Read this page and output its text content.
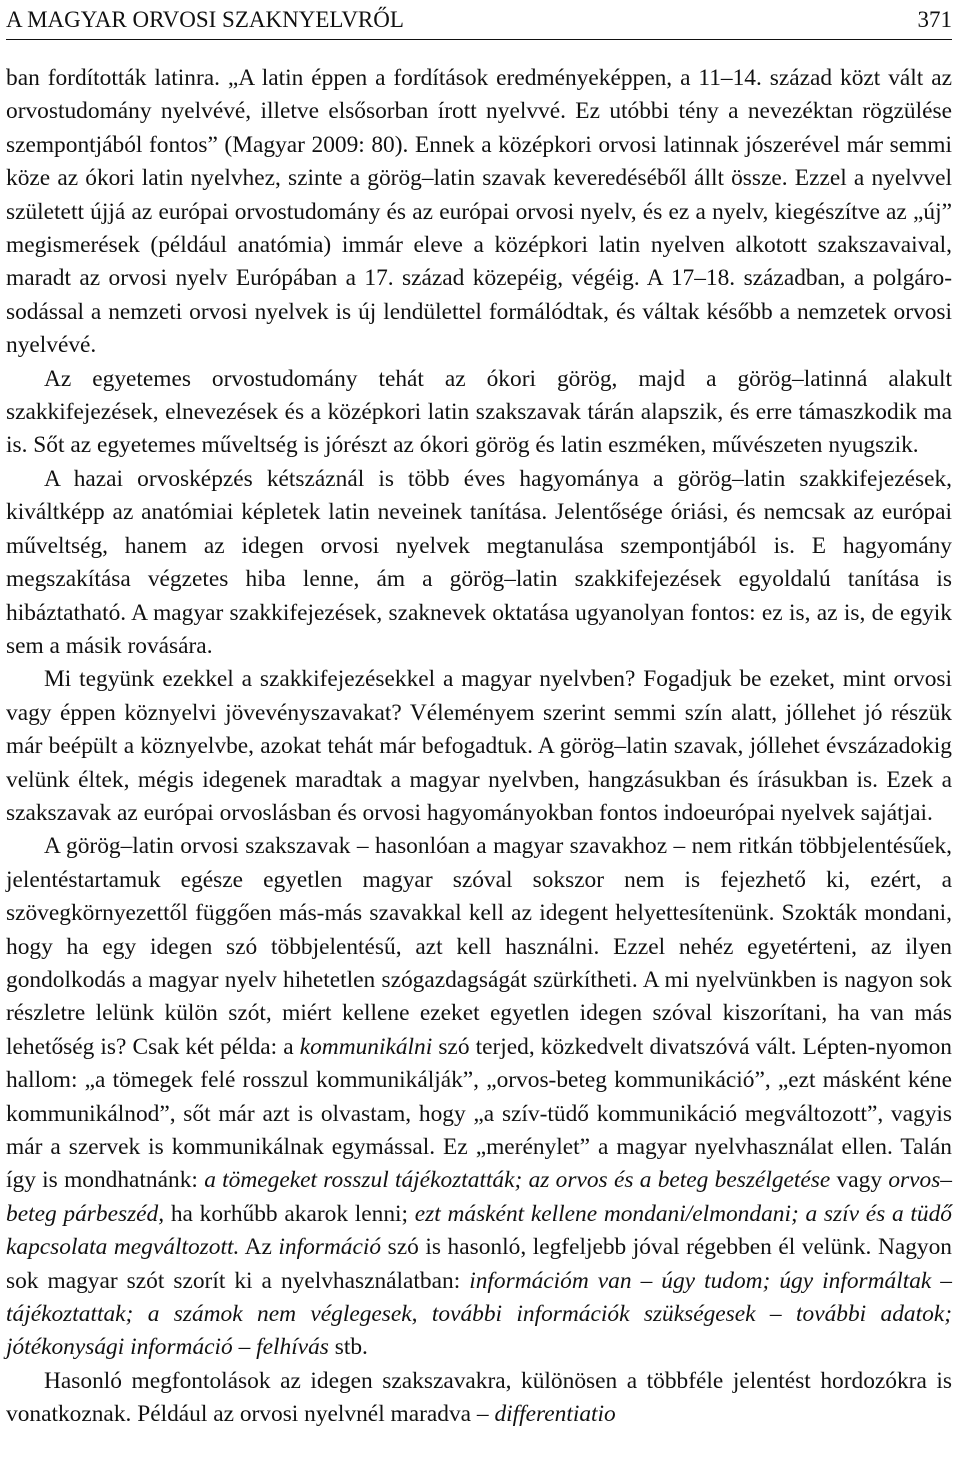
A MAGYAR ORVOSI SZAKNYELVRŐL	371

ban fordították latinra. „A latin éppen a fordítások eredményeképpen, a 11–14. század közt vált az orvostudomány nyelvévé, illetve elsősorban írott nyelvvé. Ez utóbbi tény a nevezéktan rögzülése szempontjából fontos” (Magyar 2009: 80). Ennek a középkori orvosi latinnak jószerével már semmi köze az ókori latin nyelvhez, szinte a görög–latin szavak keveredéséből állt össze. Ezzel a nyelvvel született újjá az európai orvostudomány és az európai orvosi nyelv, és ez a nyelv, kiegészítve az „új” megismerések (például anatómia) immár eleve a középkori latin nyelven alkotott szakszavaival, maradt az orvosi nyelv Európában a 17. század közepéig, végéig. A 17–18. században, a polgárosodással a nemzeti orvosi nyelvek is új lendülettel formálódtak, és váltak később a nemzetek orvosi nyelvévé.

Az egyetemes orvostudomány tehát az ókori görög, majd a görög–latinná alakult szakkifejezések, elnevezések és a középkori latin szakszavak tárán alapszik, és erre támaszkodik ma is. Sőt az egyetemes műveltség is jórészt az ókori görög és latin eszméken, művészeten nyugszik.

A hazai orvosképzés kétszáznál is több éves hagyománya a görög–latin szakkifejezések, kiváltképp az anatómiai képletek latin neveinek tanítása. Jelentősége óriási, és nemcsak az európai műveltség, hanem az idegen orvosi nyelvek megtanulása szempontjából is. E hagyomány megszakítása végzetes hiba lenne, ám a görög–latin szakkifejezések egyoldalú tanítása is hibáztatható. A magyar szakkifejezések, szaknevek oktatása ugyanolyan fontos: ez is, az is, de egyik sem a másik rovására.

Mi tegyünk ezekkel a szakkifejezésekkel a magyar nyelvben? Fogadjuk be ezeket, mint orvosi vagy éppen köznyelvi jövevényszavakat? Véleményem szerint semmi szín alatt, jóllehet jó részük már beépült a köznyelvbe, azokat tehát már befogadtuk. A görög–latin szavak, jóllehet évszázadokig velünk éltek, mégis idegenek maradtak a magyar nyelvben, hangzásukban és írásukban is. Ezek a szakszavak az európai orvoslásban és orvosi hagyományokban fontos indoeurópai nyelvek sajátjai.

A görög–latin orvosi szakszavak – hasonlóan a magyar szavakhoz – nem ritkán többjelentésűek, jelentéstartamuk egésze egyetlen magyar szóval sokszor nem is fejezhető ki, ezért, a szövegkörnyezettől függően más-más szavakkal kell az idegent helyettesítenünk. Szokták mondani, hogy ha egy idegen szó többjelentésű, azt kell használni. Ezzel nehéz egyetérteni, az ilyen gondolkodás a magyar nyelv hihetetlen szógazdagságát szürkítheti. A mi nyelvünkben is nagyon sok részletre lelünk külön szót, miért kellene ezeket egyetlen idegen szóval kiszorítani, ha van más lehetőség is? Csak két példa: a kommunikálni szó terjed, közkedvelt divatszóvá vált. Lépten-nyomon hallom: „a tömegek felé rosszul kommunikálják”, „orvos-beteg kommunikáció”, „ezt másként kéne kommunikálnod”, sőt már azt is olvastam, hogy „a szív-tüdő kommunikáció megváltozott”, vagyis már a szervek is kommunikálnak egymással. Ez „merénylet” a magyar nyelvhasználat ellen. Talán így is mondhatnánk: a tömegeket rosszul tájékoztatták; az orvos és a beteg beszélgetése vagy orvos–beteg párbeszéd, ha korhűbb akarok lenni; ezt másként kellene mondani/elmondani; a szív és a tüdő kapcsolata megváltozott. Az információ szó is hasonló, legfeljebb jóval régebben él velünk. Nagyon sok magyar szót szorít ki a nyelvhasználatban: információm van – úgy tudom; úgy informáltak – tájékoztattak; a számok nem véglegesek, további információk szükségesek – további adatok; jótékonysági információ – felhívás stb.

Hasonló megfontolások az idegen szakszavakra, különösen a többféle jelentést hordozókra is vonatkoznak. Például az orvosi nyelvnél maradva – differentiatio
